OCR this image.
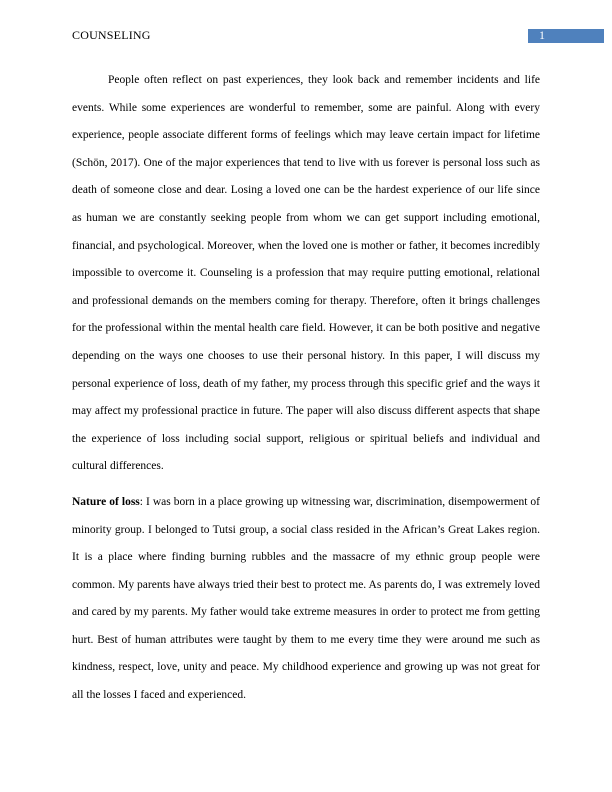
COUNSELING	1

People often reflect on past experiences, they look back and remember incidents and life events. While some experiences are wonderful to remember, some are painful. Along with every experience, people associate different forms of feelings which may leave certain impact for lifetime (Schön, 2017). One of the major experiences that tend to live with us forever is personal loss such as death of someone close and dear. Losing a loved one can be the hardest experience of our life since as human we are constantly seeking people from whom we can get support including emotional, financial, and psychological. Moreover, when the loved one is mother or father, it becomes incredibly impossible to overcome it. Counseling is a profession that may require putting emotional, relational and professional demands on the members coming for therapy. Therefore, often it brings challenges for the professional within the mental health care field. However, it can be both positive and negative depending on the ways one chooses to use their personal history. In this paper, I will discuss my personal experience of loss, death of my father, my process through this specific grief and the ways it may affect my professional practice in future. The paper will also discuss different aspects that shape the experience of loss including social support, religious or spiritual beliefs and individual and cultural differences.

Nature of loss: I was born in a place growing up witnessing war, discrimination, disempowerment of minority group. I belonged to Tutsi group, a social class resided in the African’s Great Lakes region. It is a place where finding burning rubbles and the massacre of my ethnic group people were common. My parents have always tried their best to protect me. As parents do, I was extremely loved and cared by my parents. My father would take extreme measures in order to protect me from getting hurt. Best of human attributes were taught by them to me every time they were around me such as kindness, respect, love, unity and peace. My childhood experience and growing up was not great for all the losses I faced and experienced.
